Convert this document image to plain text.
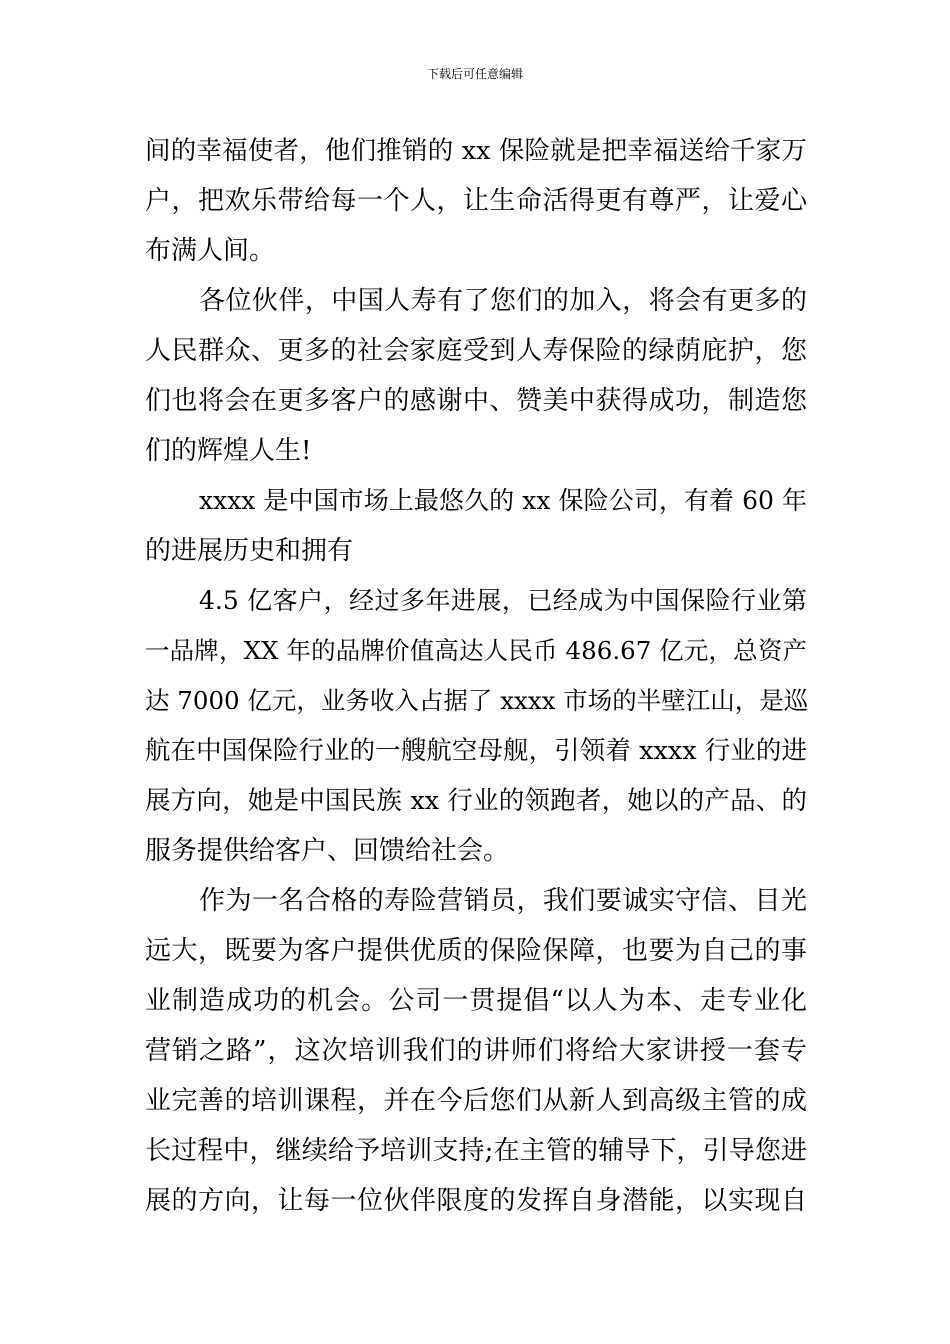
下载后可任意编辑
间的幸福使者，他们推销的 xx 保险就是把幸福送给千家万
户，把欢乐带给每一个人，让生命活得更有尊严，让爱心
布满人间。
各位伙伴，中国人寿有了您们的加入，将会有更多的
人民群众、更多的社会家庭受到人寿保险的绿荫庇护，您
们也将会在更多客户的感谢中、赞美中获得成功，制造您
们的辉煌人生!
xxxx 是中国市场上最悠久的 xx 保险公司，有着 60 年
的进展历史和拥有
4.5 亿客户，经过多年进展，已经成为中国保险行业第
一品牌，XX 年的品牌价值高达人民币 486.67 亿元，总资产
达 7000 亿元，业务收入占据了 xxxx 市场的半壁江山，是巡
航在中国保险行业的一艘航空母舰，引领着 xxxx 行业的进
展方向，她是中国民族 xx 行业的领跑者，她以的产品、的
服务提供给客户、回馈给社会。
作为一名合格的寿险营销员，我们要诚实守信、目光
远大，既要为客户提供优质的保险保障，也要为自己的事
业制造成功的机会。公司一贯提倡“以人为本、走专业化
营销之路”，这次培训我们的讲师们将给大家讲授一套专
业完善的培训课程，并在今后您们从新人到高级主管的成
长过程中，继续给予培训支持;在主管的辅导下，引导您进
展的方向，让每一位伙伴限度的发挥自身潜能，以实现自
